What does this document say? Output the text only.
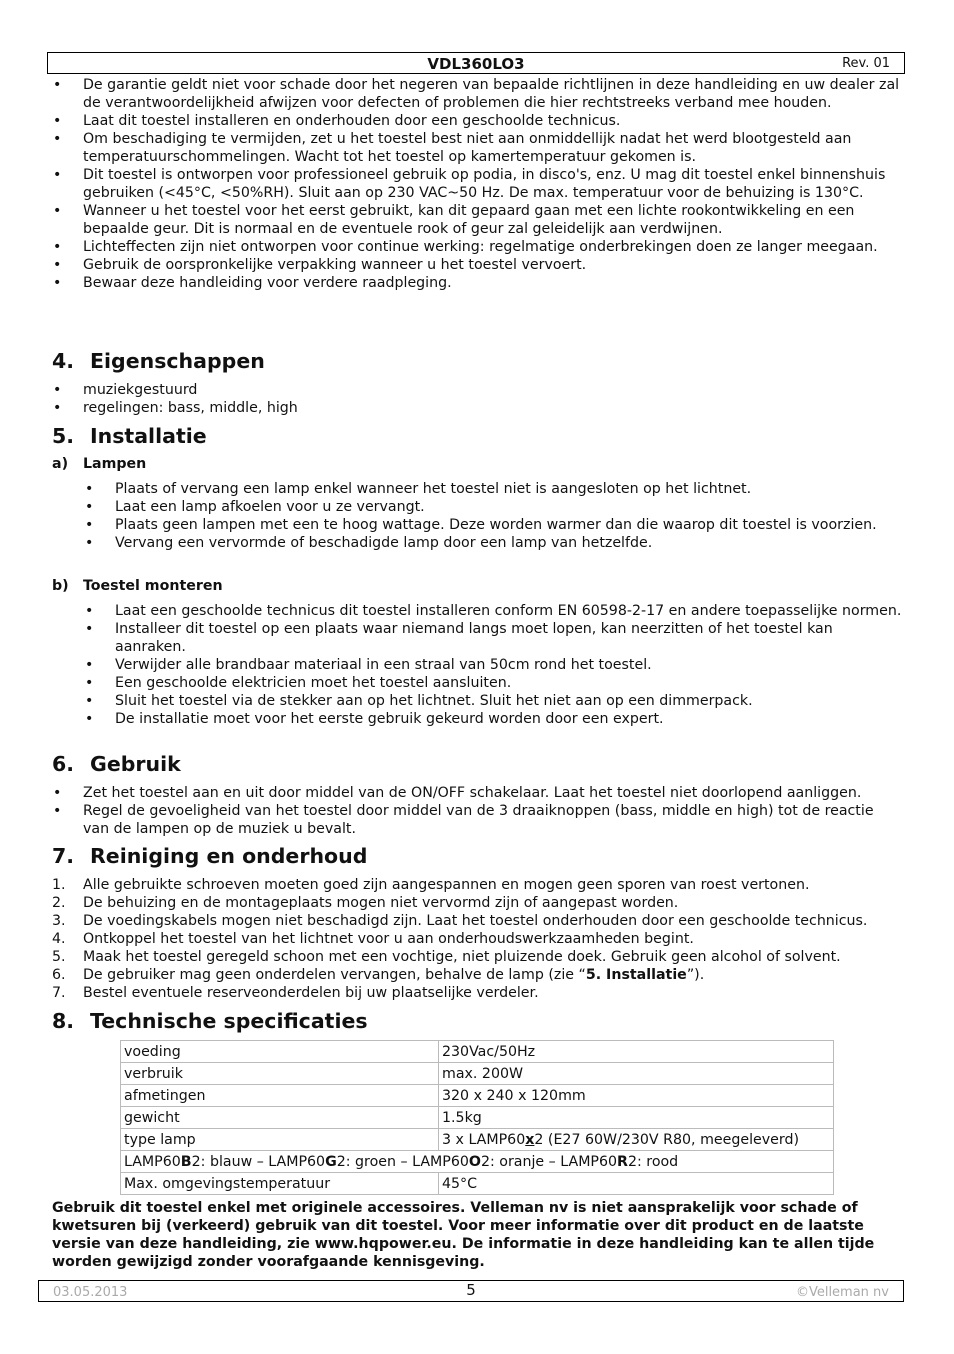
VDL360LO3	Rev. 01
• De garantie geldt niet voor schade door het negeren van bepaalde richtlijnen in deze handleiding en uw dealer zal de verantwoordelijkheid afwijzen voor defecten of problemen die hier rechtstreeks verband mee houden.
• Laat dit toestel installeren en onderhouden door een geschoolde technicus.
• Om beschadiging te vermijden, zet u het toestel best niet aan onmiddellijk nadat het werd blootgesteld aan temperatuurschommelingen. Wacht tot het toestel op kamertemperatuur gekomen is.
• Dit toestel is ontworpen voor professioneel gebruik op podia, in disco's, enz. U mag dit toestel enkel binnenshuis gebruiken (<45°C, <50%RH). Sluit aan op 230 VAC~50 Hz. De max. temperatuur voor de behuizing is 130°C.
• Wanneer u het toestel voor het eerst gebruikt, kan dit gepaard gaan met een lichte rookontwikkeling en een bepaalde geur. Dit is normaal en de eventuele rook of geur zal geleidelijk aan verdwijnen.
• Lichteffecten zijn niet ontworpen voor continue werking: regelmatige onderbrekingen doen ze langer meegaan.
• Gebruik de oorspronkelijke verpakking wanneer u het toestel vervoert.
• Bewaar deze handleiding voor verdere raadpleging.
4. Eigenschappen
• muziekgestuurd
• regelingen: bass, middle, high
5. Installatie
a) Lampen
• Plaats of vervang een lamp enkel wanneer het toestel niet is aangesloten op het lichtnet.
• Laat een lamp afkoelen voor u ze vervangt.
• Plaats geen lampen met een te hoog wattage. Deze worden warmer dan die waarop dit toestel is voorzien.
• Vervang een vervormde of beschadigde lamp door een lamp van hetzelfde.
b) Toestel monteren
• Laat een geschoolde technicus dit toestel installeren conform EN 60598-2-17 en andere toepasselijke normen.
• Installeer dit toestel op een plaats waar niemand langs moet lopen, kan neerzitten of het toestel kan aanraken.
• Verwijder alle brandbaar materiaal in een straal van 50cm rond het toestel.
• Een geschoolde elektricien moet het toestel aansluiten.
• Sluit het toestel via de stekker aan op het lichtnet. Sluit het niet aan op een dimmerpack.
• De installatie moet voor het eerste gebruik gekeurd worden door een expert.
6. Gebruik
• Zet het toestel aan en uit door middel van de ON/OFF schakelaar. Laat het toestel niet doorlopend aanliggen.
• Regel de gevoeligheid van het toestel door middel van de 3 draaiknoppen (bass, middle en high) tot de reactie van de lampen op de muziek u bevalt.
7. Reiniging en onderhoud
1. Alle gebruikte schroeven moeten goed zijn aangespannen en mogen geen sporen van roest vertonen.
2. De behuizing en de montageplaats mogen niet vervormd zijn of aangepast worden.
3. De voedingskabels mogen niet beschadigd zijn. Laat het toestel onderhouden door een geschoolde technicus.
4. Ontkoppel het toestel van het lichtnet voor u aan onderhoudswerkzaamheden begint.
5. Maak het toestel geregeld schoon met een vochtige, niet pluizende doek. Gebruik geen alcohol of solvent.
6. De gebruiker mag geen onderdelen vervangen, behalve de lamp (zie “5. Installatie”).
7. Bestel eventuele reserveonderdelen bij uw plaatselijke verdeler.
8. Technische specificaties
voeding	230Vac/50Hz
verbruik	max. 200W
afmetingen	320 x 240 x 120mm
gewicht	1.5kg
type lamp	3 x LAMP60x2 (E27 60W/230V R80, meegeleverd)
LAMP60B2: blauw – LAMP60G2: groen – LAMP60O2: oranje – LAMP60R2: rood	
Max. omgevingstemperatuur	45°C
Gebruik dit toestel enkel met originele accessoires. Velleman nv is niet aansprakelijk voor schade of kwetsuren bij (verkeerd) gebruik van dit toestel. Voor meer informatie over dit product en de laatste versie van deze handleiding, zie www.hqpower.eu. De informatie in deze handleiding kan te allen tijde worden gewijzigd zonder voorafgaande kennisgeving.
03.05.2013	5	©Velleman nv
